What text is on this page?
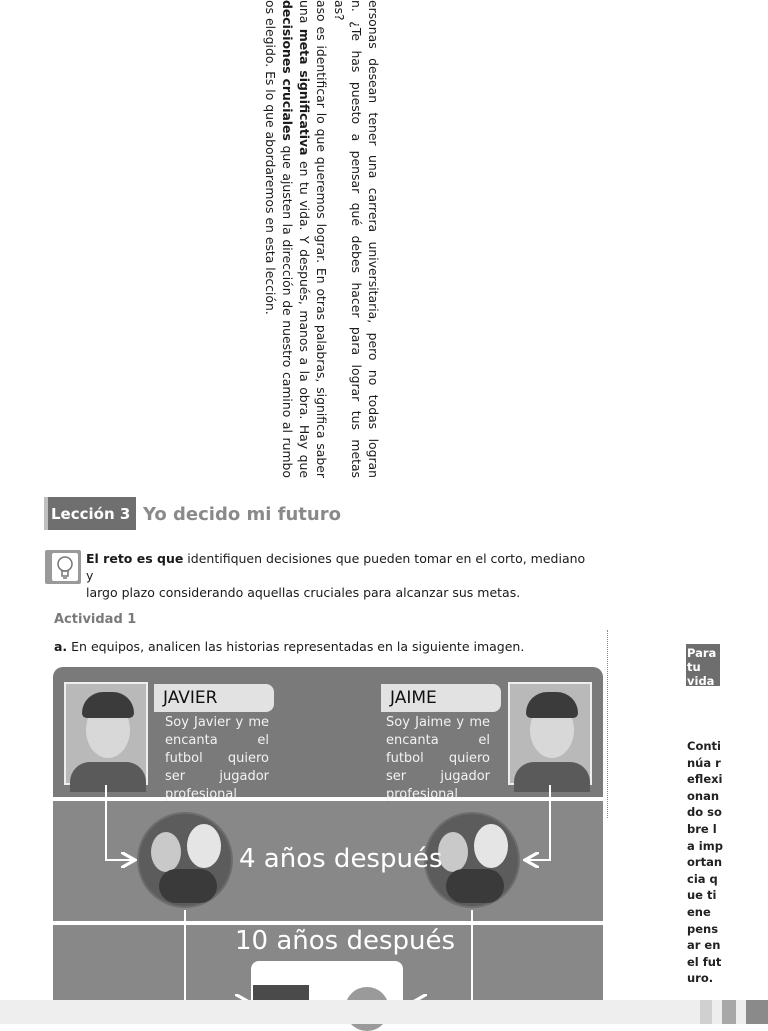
ersonas desean tener una carrera universitaria, pero no todas logran
n. ¿Te has puesto a pensar qué debes hacer para lograr tus metas
as?
aso es identificar lo que queremos lograr. En otras palabras, significa saber
una meta significativa en tu vida. Y después, manos a la obra. Hay que
decisiones cruciales que ajusten la dirección de nuestro camino al rumbo
os elegido. Es lo que abordaremos en esta lección.
Lección 3 Yo decido mi futuro
El reto es que identifiquen decisiones que pueden tomar en el corto, mediano y
largo plazo considerando aquellas cruciales para alcanzar sus metas.
Actividad 1
a. En equipos, analicen las historias representadas en la siguiente imagen.
JAVIER
Soy Javier y me encanta el futbol quiero ser jugador profesional
JAIME
Soy Jaime y me encanta el futbol quiero ser jugador profesional
4 años después
10 años después
Para tu vida
Continúa reflexionando sobre la importancia que tiene pensar en el futuro.
